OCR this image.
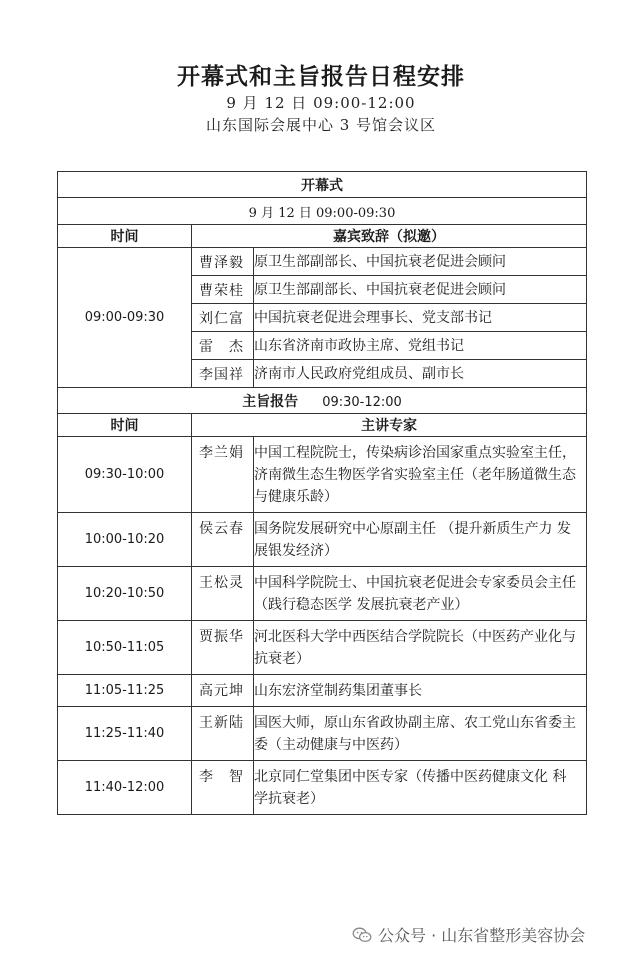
开幕式和主旨报告日程安排
9 月 12 日 09:00-12:00
山东国际会展中心 3 号馆会议区
开幕式		
9 月 12 日 09:00-09:30		
时间	嘉宾致辞（拟邀）	
09:00-09:30	曹泽毅	原卫生部副部长、中国抗衰老促进会顾问
	曹荣桂	原卫生部副部长、中国抗衰老促进会顾问
	刘仁富	中国抗衰老促进会理事长、党支部书记
	雷　杰	山东省济南市政协主席、党组书记
	李国祥	济南市人民政府党组成员、副市长
主旨报告 09:30-12:00		
时间	主讲专家	
09:30-10:00	李兰娟	中国工程院院士，传染病诊治国家重点实验室主任，济南微生态生物医学省实验室主任（老年肠道微生态与健康乐龄）
10:00-10:20	侯云春	国务院发展研究中心原副主任 （提升新质生产力 发展银发经济）
10:20-10:50	王松灵	中国科学院院士、中国抗衰老促进会专家委员会主任（践行稳态医学 发展抗衰老产业）
10:50-11:05	贾振华	河北医科大学中西医结合学院院长（中医药产业化与抗衰老）
11:05-11:25	高元坤	山东宏济堂制药集团董事长
11:25-11:40	王新陆	国医大师，原山东省政协副主席、农工党山东省委主委（主动健康与中医药）
11:40-12:00	李　智	北京同仁堂集团中医专家（传播中医药健康文化 科学抗衰老）
公众号 · 山东省整形美容协会
